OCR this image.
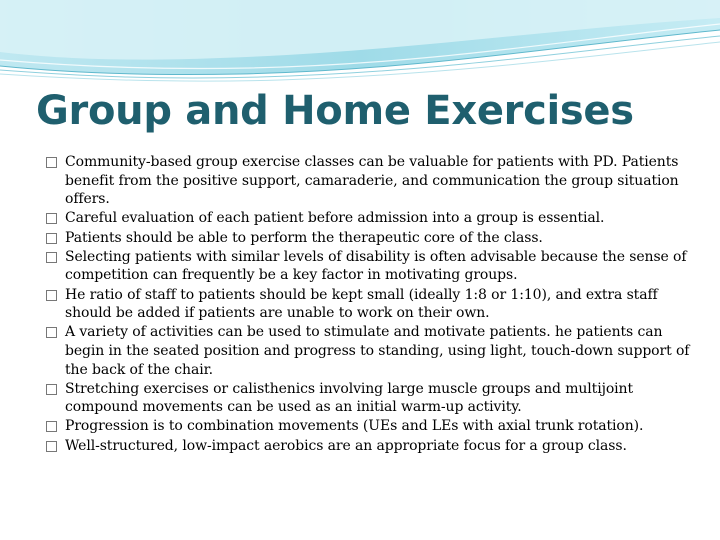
Group and Home Exercises
Community-based group exercise classes can be valuable for patients with PD. Patients benefit from the positive support, camaraderie, and communication the group situation offers.
Careful evaluation of each patient before admission into a group is essential.
Patients should be able to perform the therapeutic core of the class.
Selecting patients with similar levels of disability is often advisable because the sense of competition can frequently be a key factor in motivating groups.
He ratio of staff to patients should be kept small (ideally 1:8 or 1:10), and extra staff should be added if patients are unable to work on their own.
A variety of activities can be used to stimulate and motivate patients. he patients can begin in the seated position and progress to standing, using light, touch-down support of the back of the chair.
Stretching exercises or calisthenics involving large muscle groups and multijoint compound movements can be used as an initial warm-up activity.
Progression is to combination movements (UEs and LEs with axial trunk rotation).
Well-structured, low-impact aerobics are an appropriate focus for a group class.
